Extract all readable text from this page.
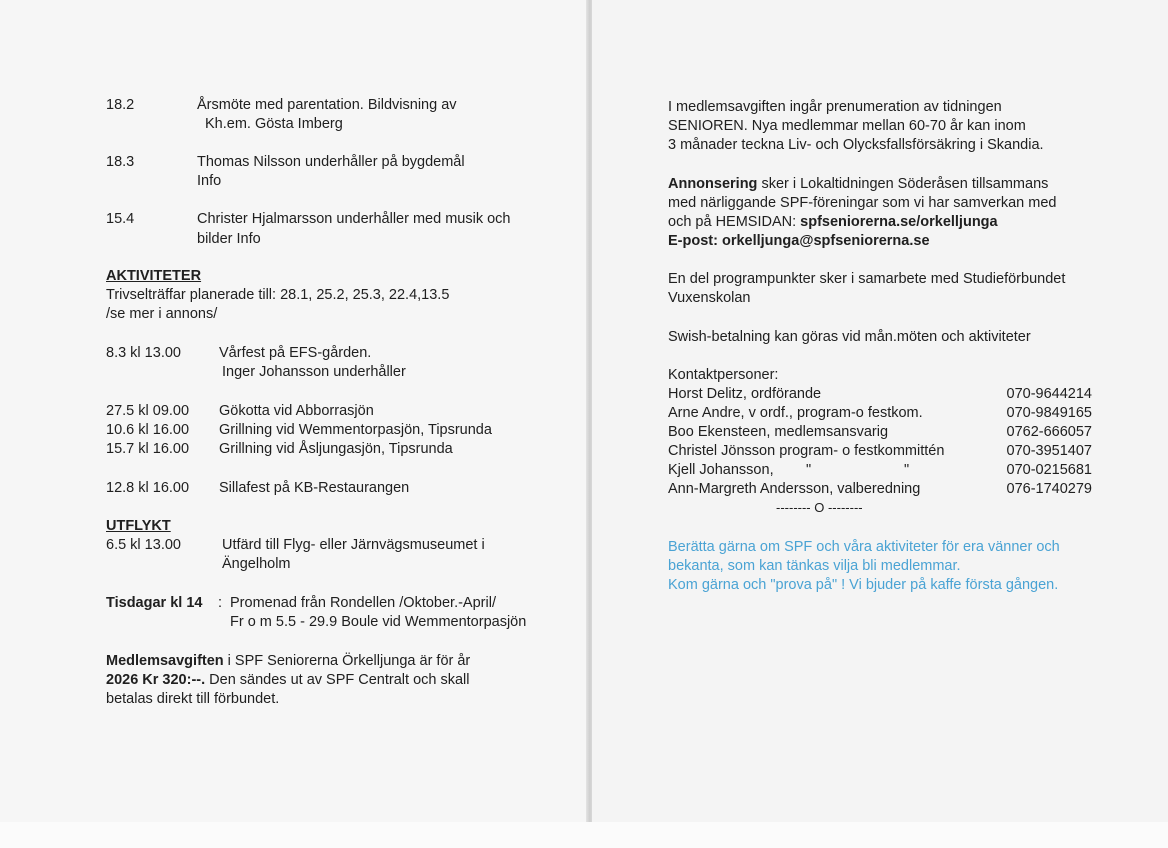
18.2	Årsmöte med parentation. Bildvisning av
Kh.em. Gösta Imberg
18.3	Thomas Nilsson underhåller på bygdemål
Info
15.4	Christer Hjalmarsson underhåller med musik och
bilder Info
AKTIVITETER
Trivselträffar planerade till: 28.1, 25.2, 25.3, 22.4,13.5
/se mer i annons/
8.3 kl 13.00	Vårfest på EFS-gården.
Inger Johansson underhåller
27.5 kl 09.00 Gökotta vid Abborrasjön
10.6 kl 16.00 Grillning vid Wemmentorpasjön, Tipsrunda
15.7 kl 16.00 Grillning vid Åsljungasjön, Tipsrunda
12.8 kl 16.00 Sillafest på KB-Restaurangen
UTFLYKT
6.5 kl 13.00	Utfärd till Flyg- eller Järnvägsmuseumet i
Ängelholm
Tisdagar kl 14 : Promenad från Rondellen /Oktober.-April/
Fr o m 5.5 - 29.9 Boule vid Wemmentorpasjön
Medlemsavgiften i SPF Seniorerna Örkelljunga är för år
2026 Kr 320:--. Den sändes ut av SPF Centralt och skall
betalas direkt till förbundet.
I medlemsavgiften ingår prenumeration av tidningen
SENIOREN. Nya medlemmar mellan 60-70 år kan inom
3 månader teckna Liv- och Olycksfallsförsäkring i Skandia.
Annonsering sker i Lokaltidningen Söderåsen tillsammans
med närliggande SPF-föreningar som vi har samverkan med
och på HEMSIDAN: spfseniorerna.se/orkelljunga
E-post: orkelljunga@spfseniorerna.se
En del programpunkter sker i samarbete med Studieförbundet
Vuxenskolan
Swish-betalning kan göras vid mån.möten och aktiviteter
Kontaktpersoner:
Horst Delitz, ordförande	070-9644214
Arne Andre, v ordf., program-o festkom.	070-9849165
Boo Ekensteen, medlemsansvarig	0762-666057
Christel Jönsson program- o festkommittén	070-3951407
Kjell Johansson, "	"	070-0215681
Ann-Margreth Andersson, valberedning	076-1740279
-------- O --------
Berätta gärna om SPF och våra aktiviteter för era vänner och
bekanta, som kan tänkas vilja bli medlemmar.
Kom gärna och "prova på" ! Vi bjuder på kaffe första gången.
